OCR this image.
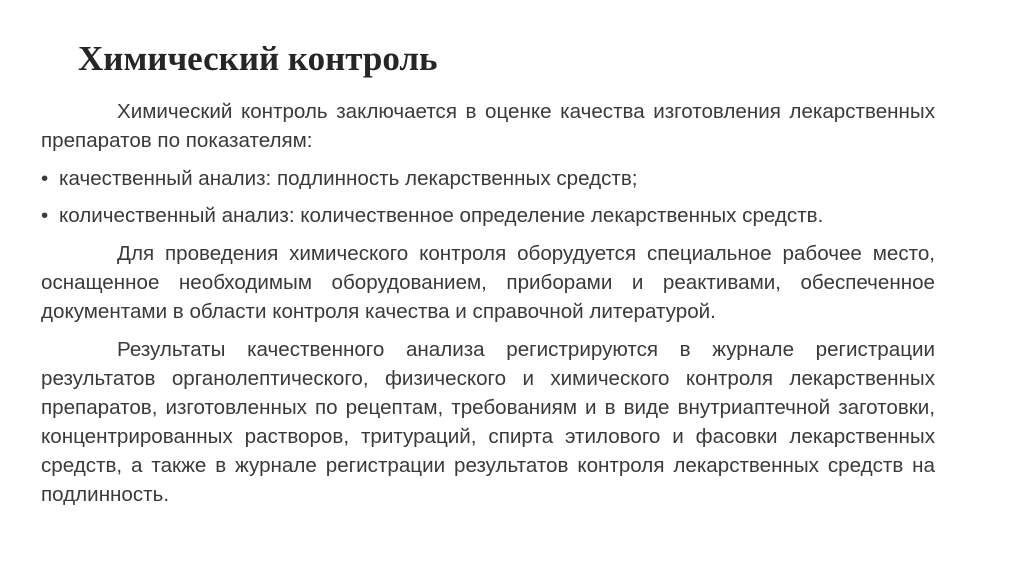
Химический контроль

Химический контроль заключается в оценке качества изготовления лекарственных препаратов по показателям:

• качественный анализ: подлинность лекарственных средств;
• количественный анализ: количественное определение лекарственных средств.

Для проведения химического контроля оборудуется специальное рабочее место, оснащенное необходимым оборудованием, приборами и реактивами, обеспеченное документами в области контроля качества и справочной литературой.

Результаты качественного анализа регистрируются в журнале регистрации результатов органолептического, физического и химического контроля лекарственных препаратов, изготовленных по рецептам, требованиям и в виде внутриаптечной заготовки, концентрированных растворов, тритураций, спирта этилового и фасовки лекарственных средств, а также в журнале регистрации результатов контроля лекарственных средств на подлинность.
